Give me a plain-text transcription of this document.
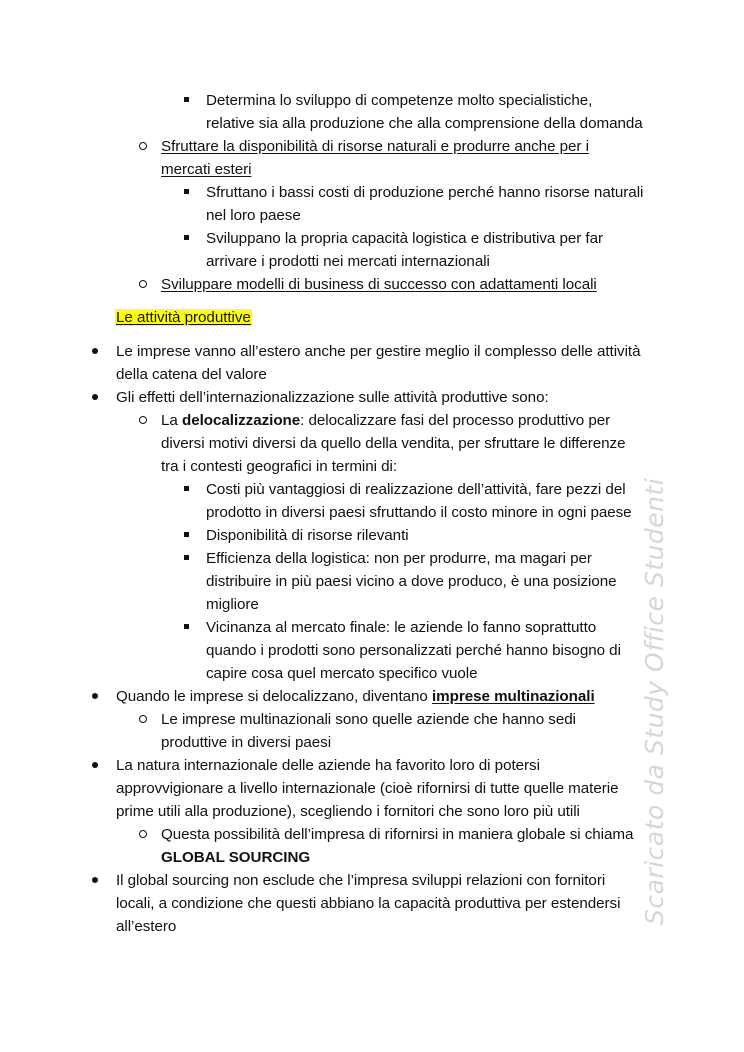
Determina lo sviluppo di competenze molto specialistiche,
relative sia alla produzione che alla comprensione della domanda
Sfruttare la disponibilità di risorse naturali e produrre anche per i
mercati esteri
Sfruttano i bassi costi di produzione perché hanno risorse naturali
nel loro paese
Sviluppano la propria capacità logistica e distributiva per far
arrivare i prodotti nei mercati internazionali
Sviluppare modelli di business di successo con adattamenti locali
Le attività produttive
Le imprese vanno all’estero anche per gestire meglio il complesso delle attività
della catena del valore
Gli effetti dell’internazionalizzazione sulle attività produttive sono:
La delocalizzazione: delocalizzare fasi del processo produttivo per
diversi motivi diversi da quello della vendita, per sfruttare le differenze
tra i contesti geografici in termini di:
Costi più vantaggiosi di realizzazione dell’attività, fare pezzi del
prodotto in diversi paesi sfruttando il costo minore in ogni paese
Disponibilità di risorse rilevanti
Efficienza della logistica: non per produrre, ma magari per
distribuire in più paesi vicino a dove produco, è una posizione
migliore
Vicinanza al mercato finale: le aziende lo fanno soprattutto
quando i prodotti sono personalizzati perché hanno bisogno di
capire cosa quel mercato specifico vuole
Quando le imprese si delocalizzano, diventano imprese multinazionali
Le imprese multinazionali sono quelle aziende che hanno sedi
produttive in diversi paesi
La natura internazionale delle aziende ha favorito loro di potersi
approvvigionare a livello internazionale (cioè rifornirsi di tutte quelle materie
prime utili alla produzione), scegliendo i fornitori che sono loro più utili
Questa possibilità dell’impresa di rifornirsi in maniera globale si chiama
GLOBAL SOURCING
Il global sourcing non esclude che l’impresa sviluppi relazioni con fornitori
locali, a condizione che questi abbiano la capacità produttiva per estendersi
all’estero
Scaricato da Study Office Studenti
